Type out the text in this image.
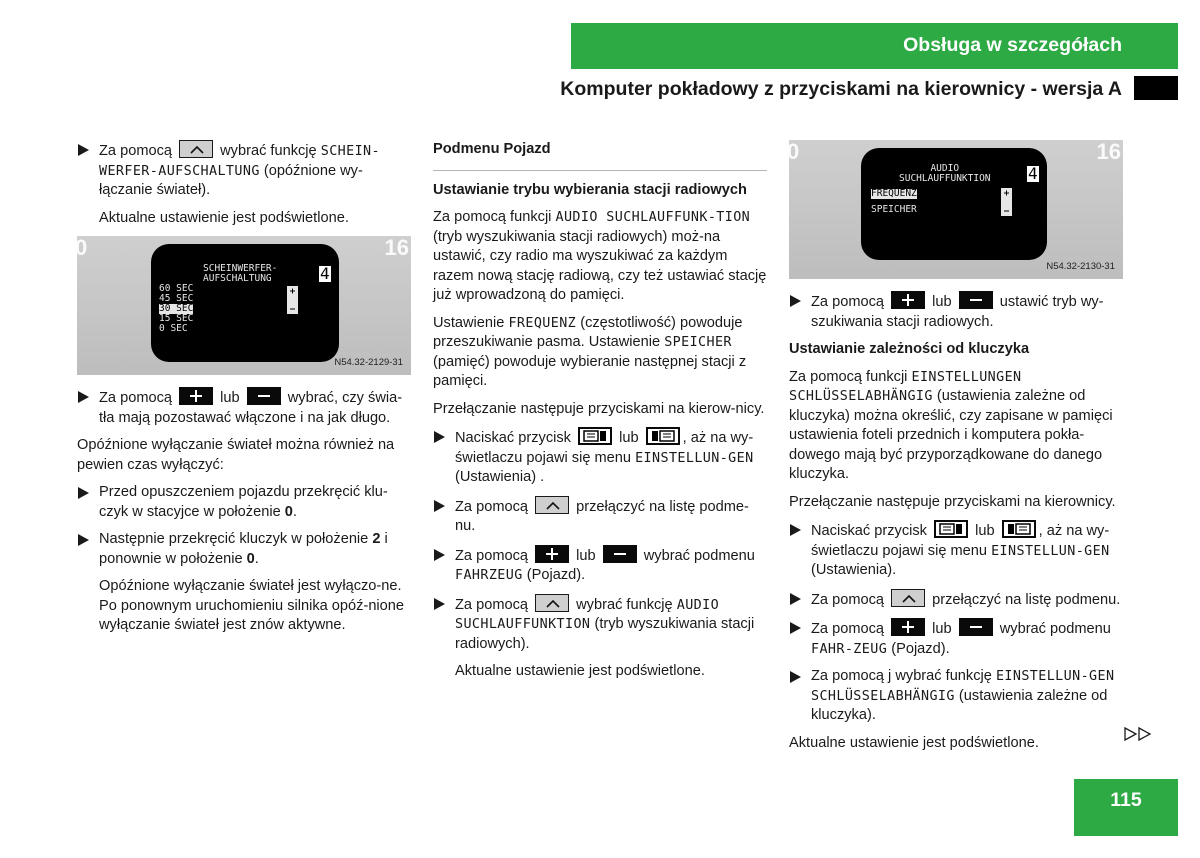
Obsługa w szczegółach
Komputer pokładowy z przyciskami na kierownicy - wersja A
Za pomocą	wybrać funkcję SCHEIN-WERFER-AUFSCHALTUNG (opóźnione wy-łączanie świateł).
Aktualne ustawienie jest podświetlone.
0	16
SCHEINWERFER-
AUFSCHALTUNG	4
60 SEC
45 SEC
30 SEC
15 SEC
0 SEC
N54.32-2129-31
Za pomocą	lub	wybrać, czy świa-tła mają pozostawać włączone i na jak długo.

Opóźnione wyłączanie świateł można również na pewien czas wyłączyć:

Przed opuszczeniem pojazdu przekręcić klu-czyk w stacyjce w położenie 0.
Następnie przekręcić kluczyk w położenie 2 i ponownie w położenie 0.
Opóźnione wyłączanie świateł jest wyłączo-ne. Po ponownym uruchomieniu silnika opóź-nione wyłączanie świateł jest znów aktywne.
Podmenu Pojazd
Ustawianie trybu wybierania stacji radiowych

Za pomocą funkcji AUDIO SUCHLAUFFUNK-TION (tryb wyszukiwania stacji radiowych) moż-na ustawić, czy radio ma wyszukiwać za każdym razem nową stację radiową, czy też ustawiać stację już wprowadzoną do pamięci.

Ustawienie FREQUENZ (częstotliwość) powoduje przeszukiwanie pasma. Ustawienie SPEICHER (pamięć) powoduje wybieranie następnej stacji z pamięci.

Przełączanie następuje przyciskami na kierow-nicy.

Naciskać przycisk	lub	, aż na wy-świetlaczu pojawi się menu EINSTELLUN-GEN (Ustawienia) .
Za pomocą	przełączyć na listę podme-nu.
Za pomocą	lub	wybrać podmenu FAHRZEUG (Pojazd).
Za pomocą	wybrać funkcję AUDIO SUCHLAUFFUNKTION (tryb wyszukiwania stacji radiowych).
Aktualne ustawienie jest podświetlone.
0	16
AUDIO
SUCHLAUFFUNKTION 4
FREQUENZ
SPEICHER
N54.32-2130-31
Za pomocą	lub	ustawić tryb wy-szukiwania stacji radiowych.
Ustawianie zależności od kluczyka

Za pomocą funkcji EINSTELLUNGEN SCHLÜSSELABHÄNGIG (ustawienia zależne od kluczyka) można określić, czy zapisane w pamięci ustawienia foteli przednich i komputera pokła-dowego mają być przyporządkowane do danego kluczyka.

Przełączanie następuje przyciskami na kierownicy.

Naciskać przycisk	lub	, aż na wy-świetlaczu pojawi się menu EINSTELLUN-GEN (Ustawienia).
Za pomocą	przełączyć na listę podmenu.
Za pomocą	lub	wybrać podmenu FAHR-ZEUG (Pojazd).
Za pomocą j wybrać funkcję EINSTELLUN-GEN SCHLÜSSELABHÄNGIG (ustawienia zależne od kluczyka).

Aktualne ustawienie jest podświetlone.

115
